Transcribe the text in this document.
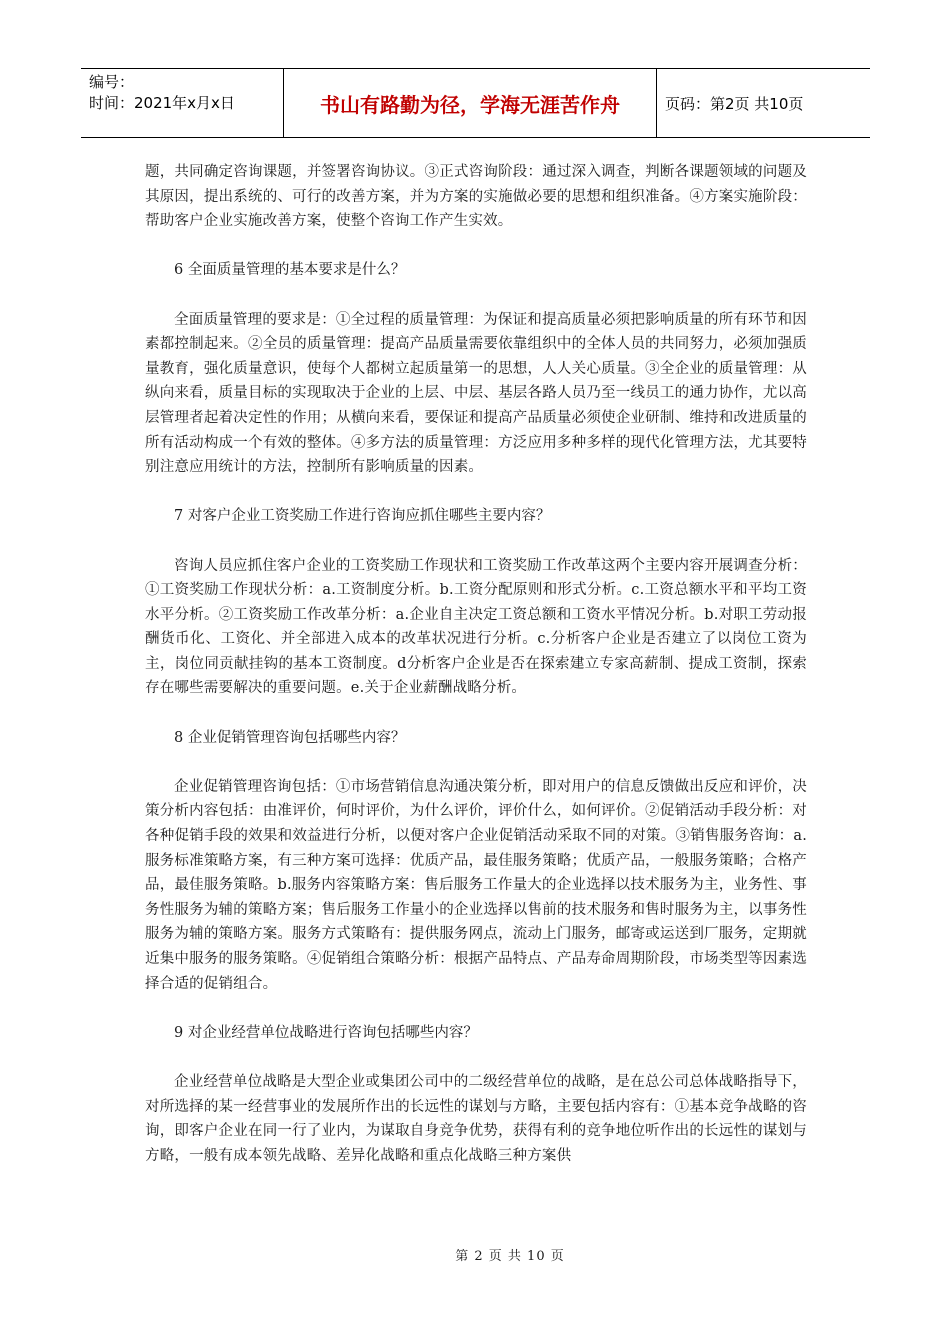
编号：
时间：2021年x月x日	书山有路勤为径，学海无涯苦作舟	页码：第2页 共10页

题，共同确定咨询课题，并签署咨询协议。③正式咨询阶段：通过深入调查，判断各课题领域的问题及其原因，提出系统的、可行的改善方案，并为方案的实施做必要的思想和组织准备。④方案实施阶段：帮助客户企业实施改善方案，使整个咨询工作产生实效。

6 全面质量管理的基本要求是什么？

全面质量管理的要求是：①全过程的质量管理：为保证和提高质量必须把影响质量的所有环节和因素都控制起来。②全员的质量管理：提高产品质量需要依靠组织中的全体人员的共同努力，必须加强质量教育，强化质量意识，使每个人都树立起质量第一的思想，人人关心质量。③全企业的质量管理：从纵向来看，质量目标的实现取决于企业的上层、中层、基层各路人员乃至一线员工的通力协作，尤以高层管理者起着决定性的作用；从横向来看，要保证和提高产品质量必须使企业研制、维持和改进质量的所有活动构成一个有效的整体。④多方法的质量管理：方泛应用多种多样的现代化管理方法，尤其要特别注意应用统计的方法，控制所有影响质量的因素。

7 对客户企业工资奖励工作进行咨询应抓住哪些主要内容？

咨询人员应抓住客户企业的工资奖励工作现状和工资奖励工作改革这两个主要内容开展调查分析：①工资奖励工作现状分析：a.工资制度分析。b.工资分配原则和形式分析。c.工资总额水平和平均工资水平分析。②工资奖励工作改革分析：a.企业自主决定工资总额和工资水平情况分析。b.对职工劳动报酬货币化、工资化、并全部进入成本的改革状况进行分析。c.分析客户企业是否建立了以岗位工资为主，岗位同贡献挂钩的基本工资制度。d分析客户企业是否在探索建立专家高薪制、提成工资制，探索存在哪些需要解决的重要问题。e.关于企业薪酬战略分析。

8 企业促销管理咨询包括哪些内容？

企业促销管理咨询包括：①市场营销信息沟通决策分析，即对用户的信息反馈做出反应和评价，决策分析内容包括：由准评价，何时评价，为什么评价，评价什么，如何评价。②促销活动手段分析：对各种促销手段的效果和效益进行分析，以便对客户企业促销活动采取不同的对策。③销售服务咨询：a.服务标准策略方案，有三种方案可选择：优质产品，最佳服务策略；优质产品，一般服务策略；合格产品，最佳服务策略。b.服务内容策略方案：售后服务工作量大的企业选择以技术服务为主，业务性、事务性服务为辅的策略方案；售后服务工作量小的企业选择以售前的技术服务和售时服务为主，以事务性服务为辅的策略方案。服务方式策略有：提供服务网点，流动上门服务，邮寄或运送到厂服务，定期就近集中服务的服务策略。④促销组合策略分析：根据产品特点、产品寿命周期阶段，市场类型等因素选择合适的促销组合。

9 对企业经营单位战略进行咨询包括哪些内容？

企业经营单位战略是大型企业或集团公司中的二级经营单位的战略，是在总公司总体战略指导下，对所选择的某一经营事业的发展所作出的长远性的谋划与方略，主要包括内容有：①基本竞争战略的咨询，即客户企业在同一行了业内，为谋取自身竞争优势，获得有利的竞争地位听作出的长远性的谋划与方略，一般有成本领先战略、差异化战略和重点化战略三种方案供

第 2 页 共 10 页
